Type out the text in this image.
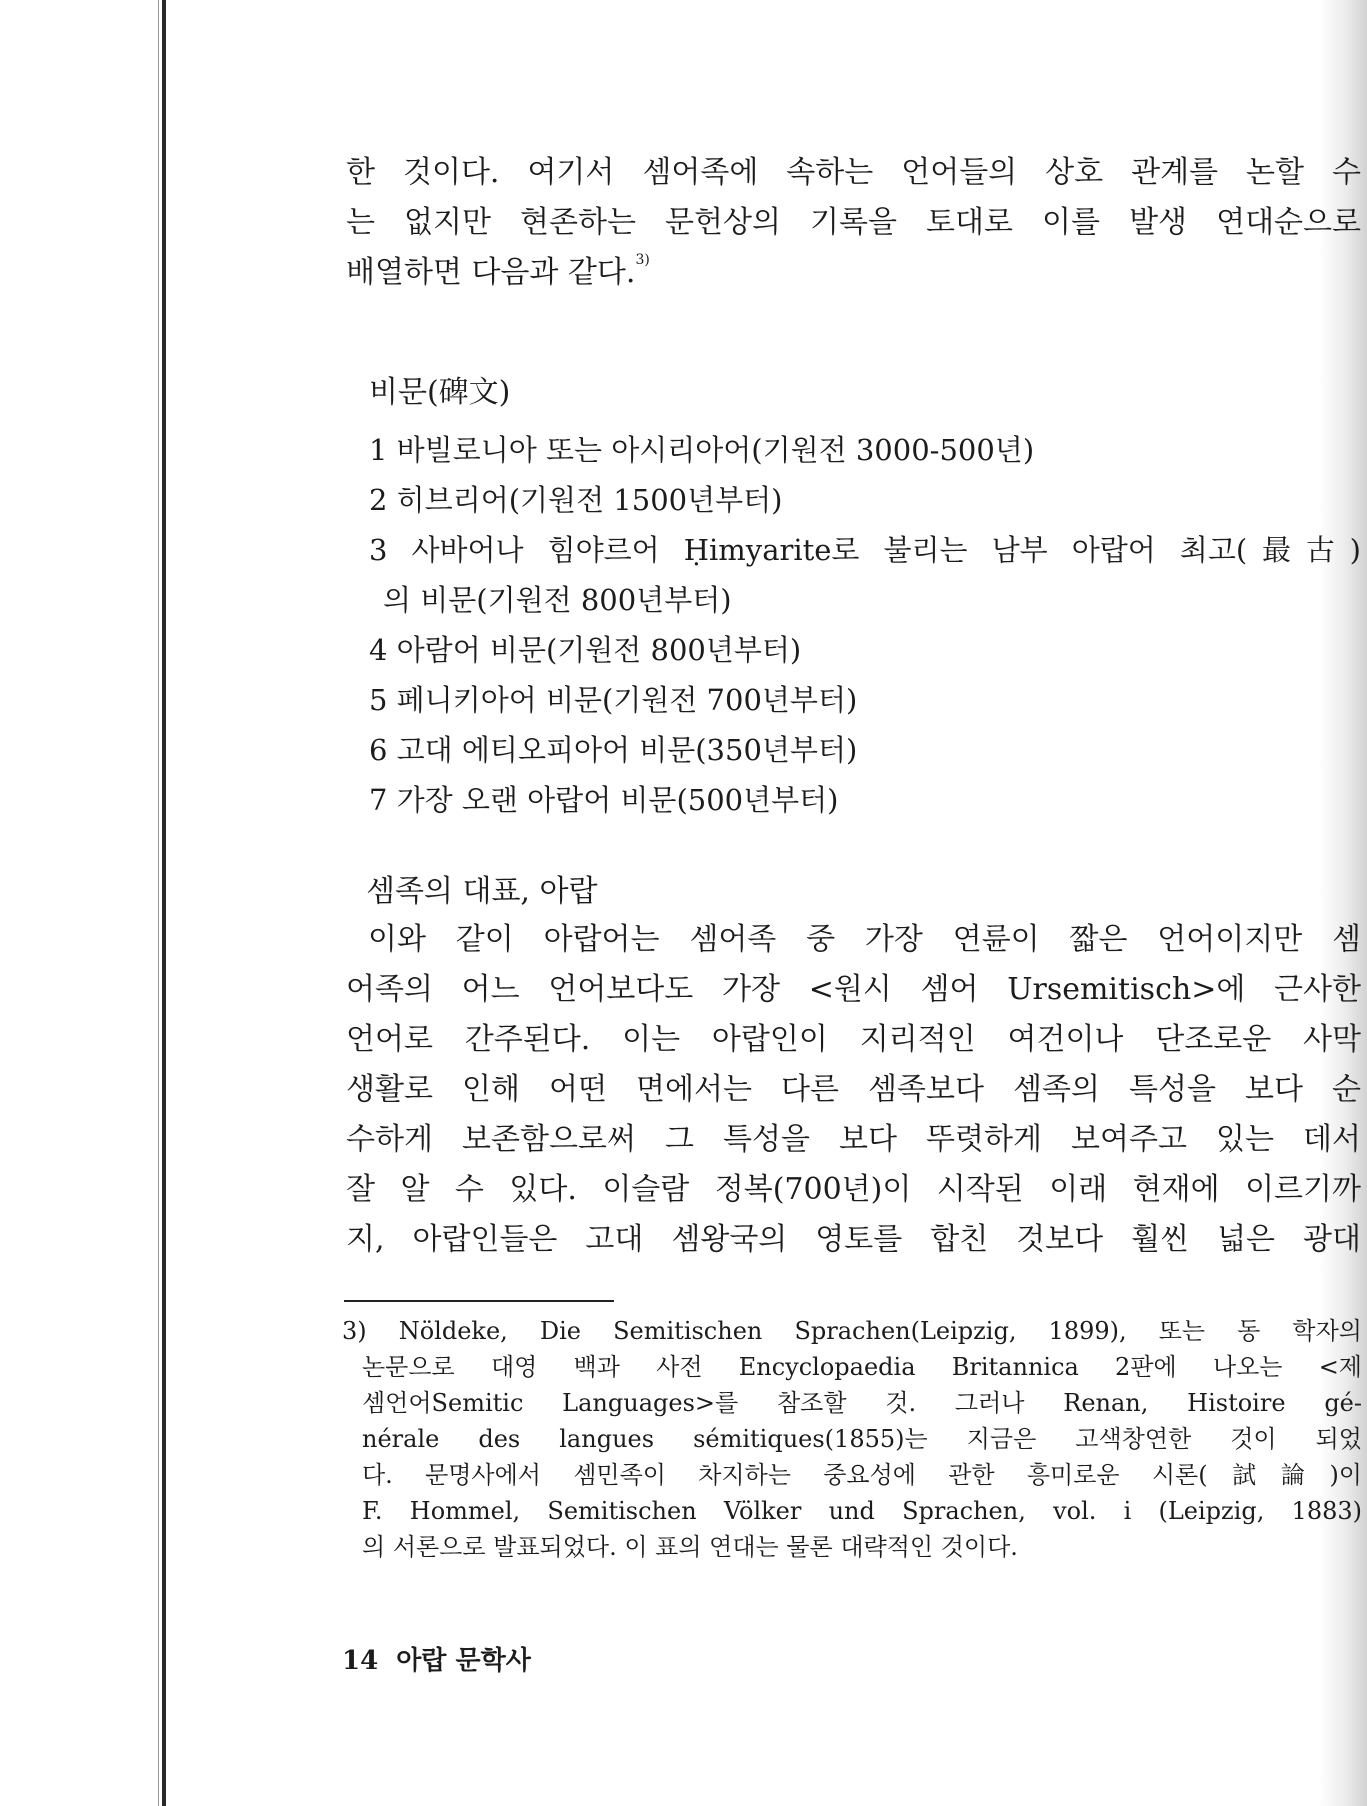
한 것이다. 여기서 셈어족에 속하는 언어들의 상호 관계를 논할 수
는 없지만 현존하는 문헌상의 기록을 토대로 이를 발생 연대순으로
배열하면 다음과 같다.$^{3)}$

비문(碑文)
1 바빌로니아 또는 아시리아어(기원전 3000-500년)
2 히브리어(기원전 1500년부터)
3 사바어나 힘야르어 Ḥimyarite로 불리는 남부 아랍어 최고(最古)
의 비문(기원전 800년부터)
4 아람어 비문(기원전 800년부터)
5 페니키아어 비문(기원전 700년부터)
6 고대 에티오피아어 비문(350년부터)
7 가장 오랜 아랍어 비문(500년부터)
셈족의 대표, 아랍

이와 같이 아랍어는 셈어족 중 가장 연륜이 짧은 언어이지만 셈
어족의 어느 언어보다도 가장 <원시 셈어 Ursemitisch>에 근사한
언어로 간주된다. 이는 아랍인이 지리적인 여건이나 단조로운 사막
생활로 인해 어떤 면에서는 다른 셈족보다 셈족의 특성을 보다 순
수하게 보존함으로써 그 특성을 보다 뚜렷하게 보여주고 있는 데서
잘 알 수 있다. 이슬람 정복(700년)이 시작된 이래 현재에 이르기까
지, 아랍인들은 고대 셈왕국의 영토를 합친 것보다 훨씬 넓은 광대

3) Nöldeke, Die Semitischen Sprachen(Leipzig, 1899), 또는 동 학자의
논문으로 대영 백과 사전 Encyclopaedia Britannica 2판에 나오는 <제
셈언어Semitic Languages>를 참조할 것. 그러나 Renan, Histoire gé-
nérale des langues sémitiques(1855)는 지금은 고색창연한 것이 되었
다. 문명사에서 셈민족이 차지하는 중요성에 관한 흥미로운 시론(試論)이
F. Hommel, Semitischen Völker und Sprachen, vol. i (Leipzig, 1883)
의 서론으로 발표되었다. 이 표의 연대는 물론 대략적인 것이다.
14 아랍 문학사
